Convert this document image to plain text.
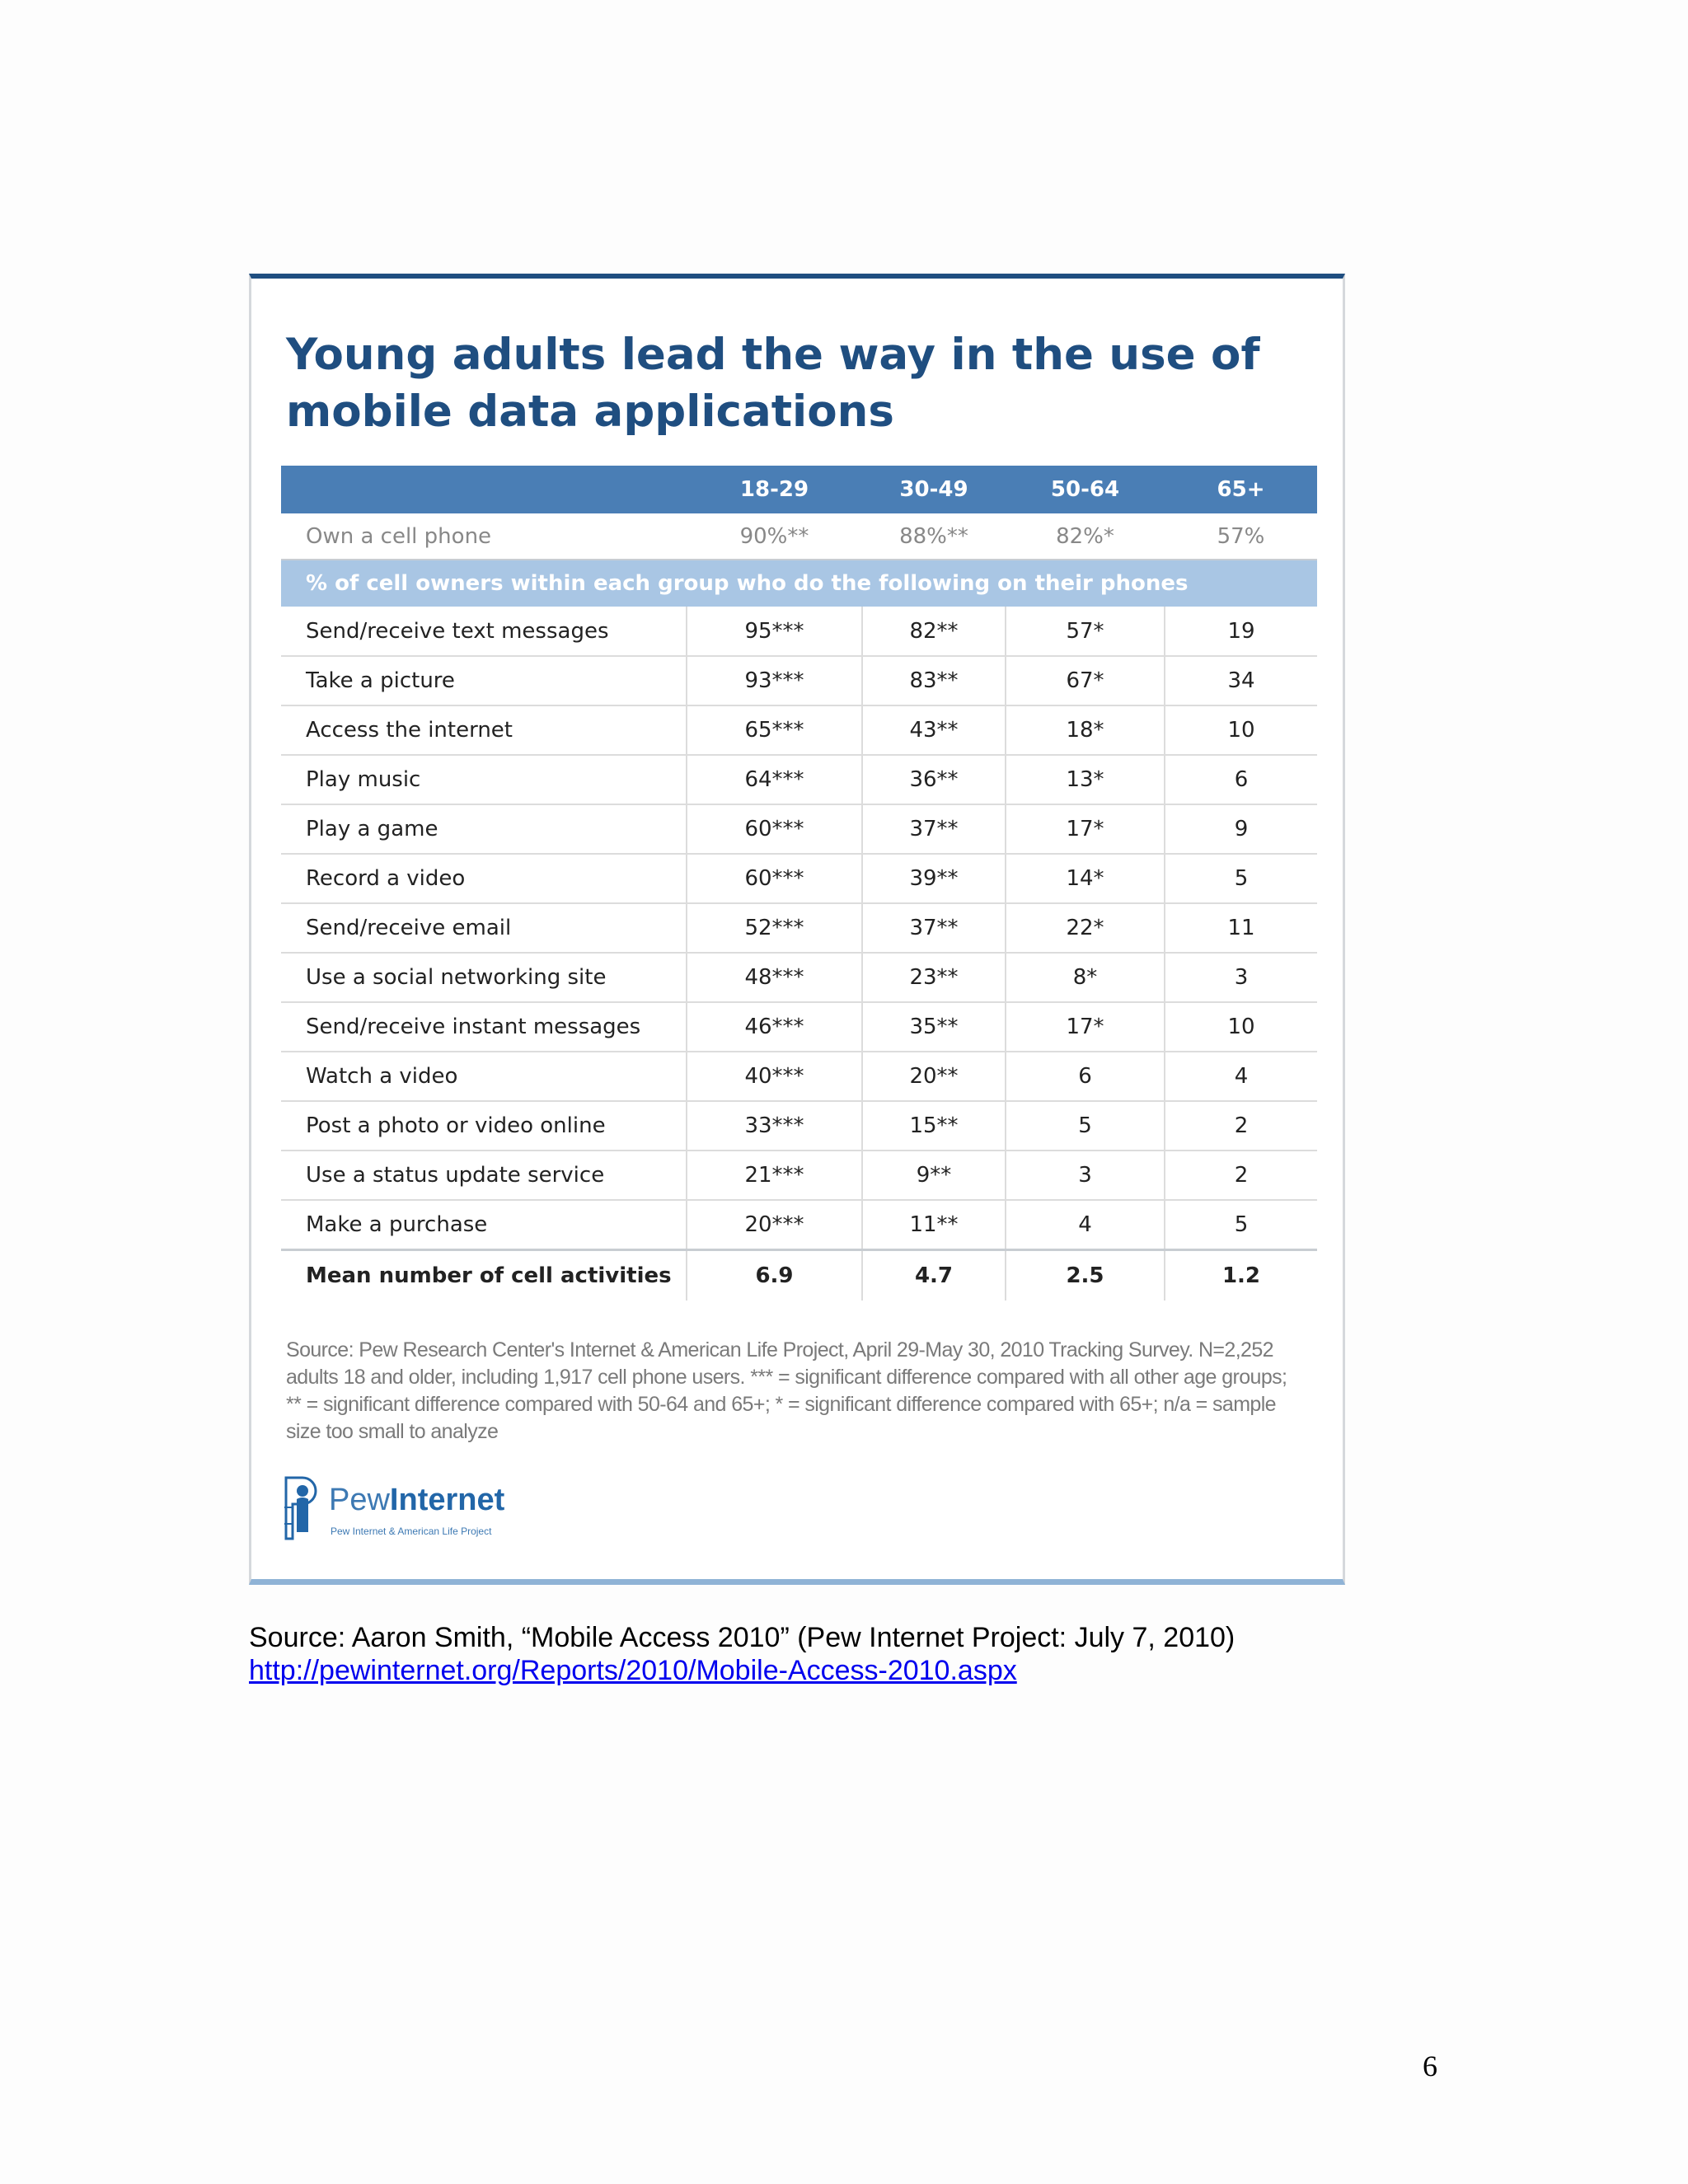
Young adults lead the way in the use of
mobile data applications
	18-29	30-49	50-64	65+
Own a cell phone	90%**	88%**	82%*	57%
% of cell owners within each group who do the following on their phones				
Send/receive text messages	95***	82**	57*	19
Take a picture	93***	83**	67*	34
Access the internet	65***	43**	18*	10
Play music	64***	36**	13*	6
Play a game	60***	37**	17*	9
Record a video	60***	39**	14*	5
Send/receive email	52***	37**	22*	11
Use a social networking site	48***	23**	8*	3
Send/receive instant messages	46***	35**	17*	10
Watch a video	40***	20**	6	4
Post a photo or video online	33***	15**	5	2
Use a status update service	21***	9**	3	2
Make a purchase	20***	11**	4	5
Mean number of cell activities	6.9	4.7	2.5	1.2

Source: Pew Research Center's Internet & American Life Project, April 29-May 30, 2010 Tracking Survey. N=2,252 adults 18 and older, including 1,917 cell phone users. *** = significant difference compared with all other age groups; ** = significant difference compared with 50-64 and 65+; * = significant difference compared with 65+; n/a = sample size too small to analyze

PewInternet
Pew Internet & American Life Project

Source: Aaron Smith, “Mobile Access 2010” (Pew Internet Project: July 7, 2010)

http://pewinternet.org/Reports/2010/Mobile-Access-2010.aspx
6
